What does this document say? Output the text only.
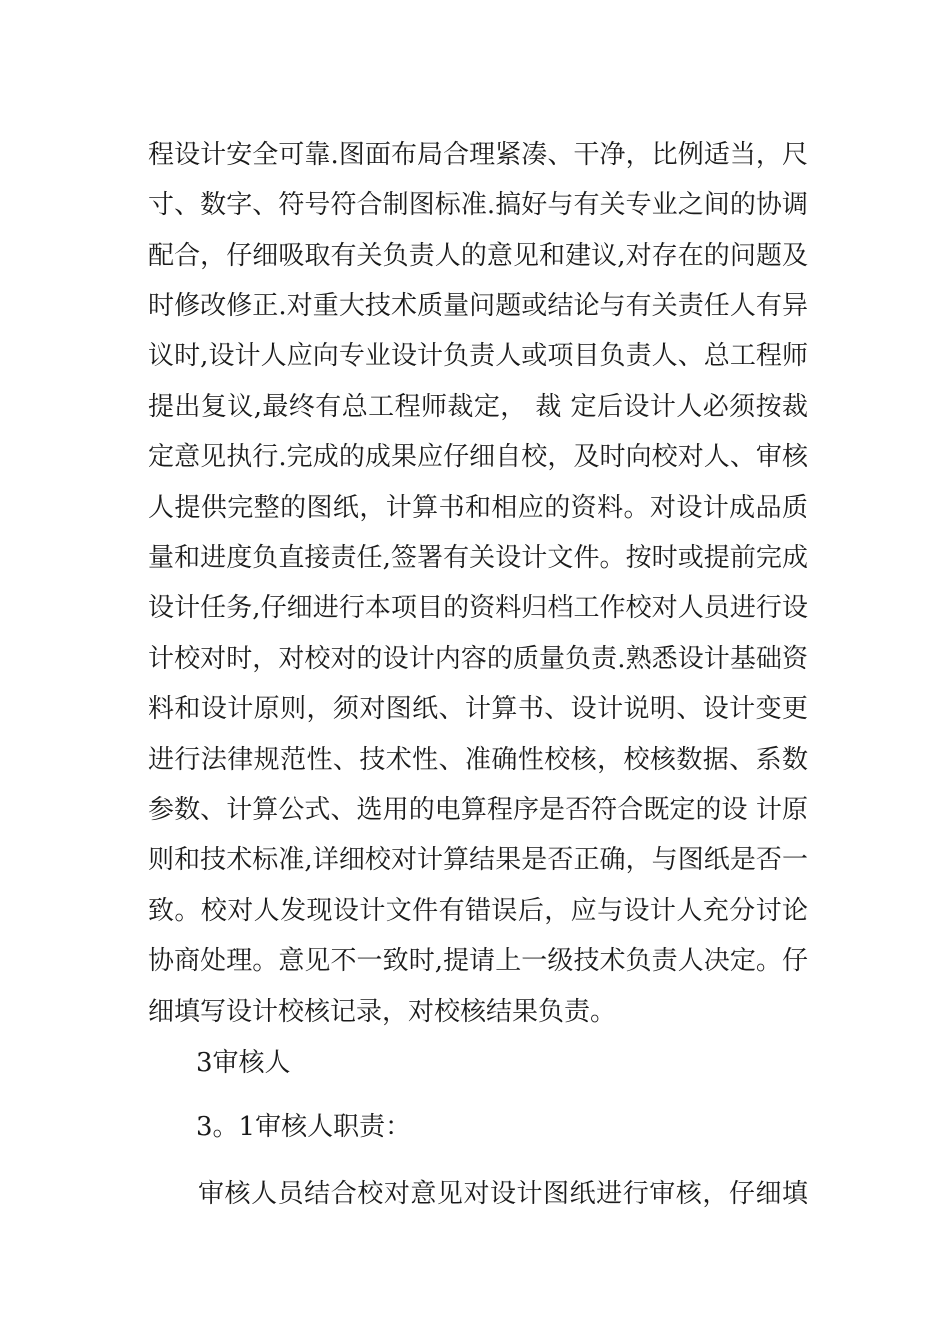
程设计安全可靠.图面布局合理紧凑、干净，比例适当，尺
寸、数字、符号符合制图标准.搞好与有关专业之间的协调
配合，仔细吸取有关负责人的意见和建议,对存在的问题及
时修改修正.对重大技术质量问题或结论与有关责任人有异
议时,设计人应向专业设计负责人或项目负责人、总工程师
提出复议,最终有总工程师裁定， 裁 定后设计人必须按裁
定意见执行.完成的成果应仔细自校，及时向校对人、审核
人提供完整的图纸，计算书和相应的资料。对设计成品质
量和进度负直接责任,签署有关设计文件。按时或提前完成
设计任务,仔细进行本项目的资料归档工作校对人员进行设
计校对时，对校对的设计内容的质量负责.熟悉设计基础资
料和设计原则，须对图纸、计算书、设计说明、设计变更
进行法律规范性、技术性、准确性校核，校核数据、系数
参数、计算公式、选用的电算程序是否符合既定的设 计原
则和技术标准,详细校对计算结果是否正确，与图纸是否一
致。校对人发现设计文件有错误后，应与设计人充分讨论
协商处理。意见不一致时,提请上一级技术负责人决定。仔
细填写设计校核记录，对校核结果负责。
3审核人
3。1审核人职责：
审核人员结合校对意见对设计图纸进行审核，仔细填
